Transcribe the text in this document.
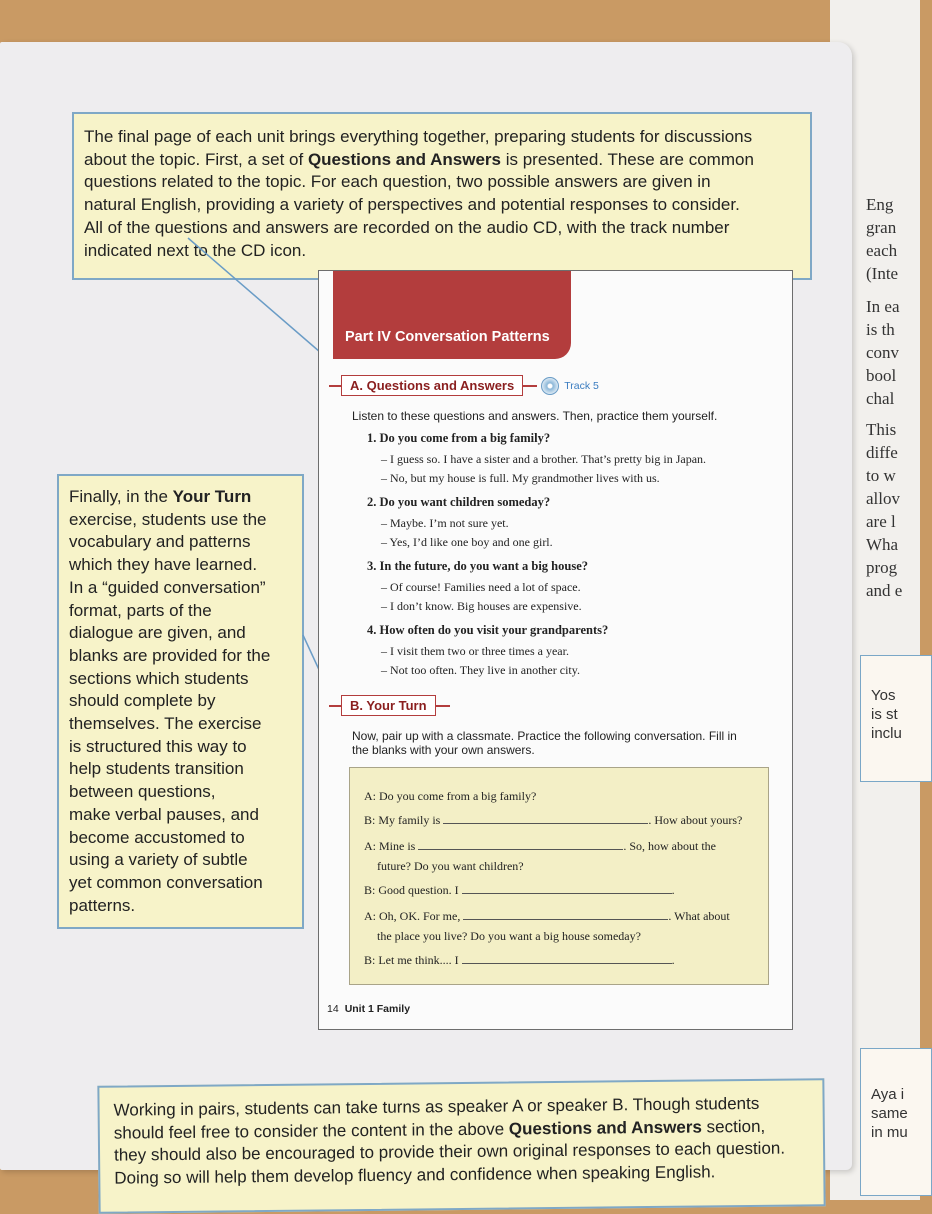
Yos
is st
inclu
Aya i
same
in mu
Eng
gran
each
(Inte
In ea
is th
conv
bool
chal
This
diffe
to w
allov
are l
Wha
prog
and e
The final page of each unit brings everything together, preparing students for discussions
about the topic. First, a set of Questions and Answers is presented. These are common
questions related to the topic. For each question, two possible answers are given in
natural English, providing a variety of perspectives and potential responses to consider.
All of the questions and answers are recorded on the audio CD, with the track number
indicated next to the CD icon.
Finally, in the Your Turn
exercise, students use the
vocabulary and patterns
which they have learned.
In a “guided conversation”
format, parts of the
dialogue are given, and
blanks are provided for the
sections which students
should complete by
themselves. The exercise
is structured this way to
help students transition
between questions,
make verbal pauses, and
become accustomed to
using a variety of subtle
yet common conversation
patterns.
Working in pairs, students can take turns as speaker A or speaker B. Though students
should feel free to consider the content in the above Questions and Answers section,
they should also be encouraged to provide their own original responses to each question.
Doing so will help them develop fluency and confidence when speaking English.
Part IV Conversation Patterns
A. Questions and Answers	Track 5
Listen to these questions and answers. Then, practice them yourself.
1. Do you come from a big family?
– I guess so. I have a sister and a brother. That’s pretty big in Japan.
– No, but my house is full. My grandmother lives with us.
2. Do you want children someday?
– Maybe. I’m not sure yet.
– Yes, I’d like one boy and one girl.
3. In the future, do you want a big house?
– Of course! Families need a lot of space.
– I don’t know. Big houses are expensive.
4. How often do you visit your grandparents?
– I visit them two or three times a year.
– Not too often. They live in another city.
B. Your Turn
Now, pair up with a classmate. Practice the following conversation. Fill in
the blanks with your own answers.
A: Do you come from a big family?
B: My family is	. How about yours?
A: Mine is	. So, how about the
future? Do you want children?
B: Good question. I	.
A: Oh, OK. For me,	. What about
the place you live? Do you want a big house someday?
B: Let me think.... I	.
14 Unit 1 Family
